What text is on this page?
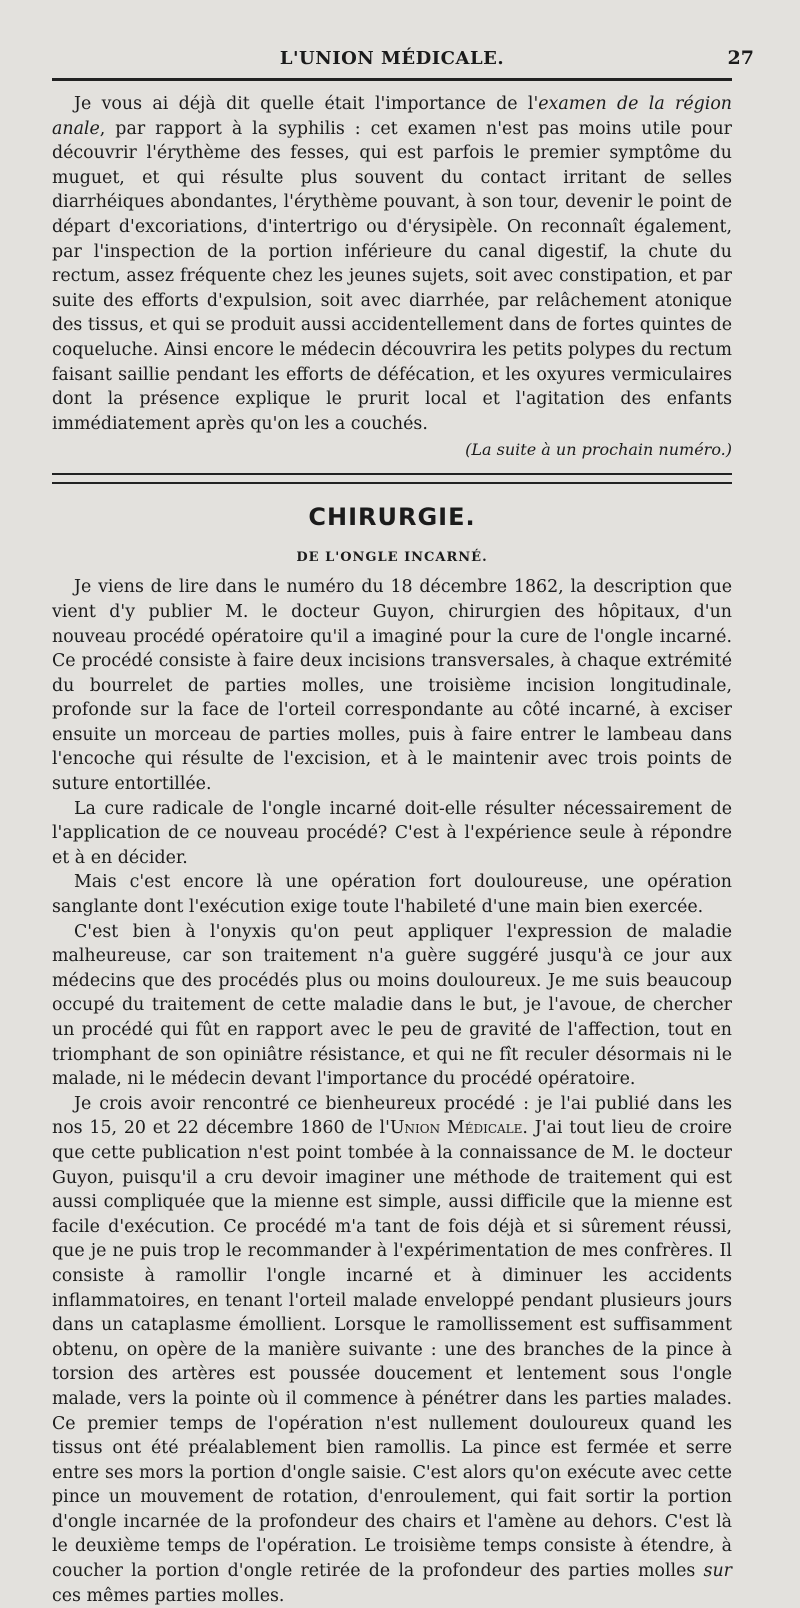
L'UNION MÉDICALE.	27

Je vous ai déjà dit quelle était l'importance de l'examen de la région anale, par rapport à la syphilis : cet examen n'est pas moins utile pour découvrir l'érythème des fesses, qui est parfois le premier symptôme du muguet, et qui résulte plus souvent du contact irritant de selles diarrhéiques abondantes, l'érythème pouvant, à son tour, devenir le point de départ d'excoriations, d'intertrigo ou d'érysipèle. On reconnaît également, par l'inspection de la portion inférieure du canal digestif, la chute du rectum, assez fréquente chez les jeunes sujets, soit avec constipation, et par suite des efforts d'expulsion, soit avec diarrhée, par relâchement atonique des tissus, et qui se produit aussi accidentellement dans de fortes quintes de coqueluche. Ainsi encore le médecin découvrira les petits polypes du rectum faisant saillie pendant les efforts de défécation, et les oxyures vermiculaires dont la présence explique le prurit local et l'agitation des enfants immédiatement après qu'on les a couchés.

(La suite à un prochain numéro.)
CHIRURGIE.
DE L'ONGLE INCARNÉ.

Je viens de lire dans le numéro du 18 décembre 1862, la description que vient d'y publier M. le docteur Guyon, chirurgien des hôpitaux, d'un nouveau procédé opératoire qu'il a imaginé pour la cure de l'ongle incarné. Ce procédé consiste à faire deux incisions transversales, à chaque extrémité du bourrelet de parties molles, une troisième incision longitudinale, profonde sur la face de l'orteil correspondante au côté incarné, à exciser ensuite un morceau de parties molles, puis à faire entrer le lambeau dans l'encoche qui résulte de l'excision, et à le maintenir avec trois points de suture entortillée.

La cure radicale de l'ongle incarné doit-elle résulter nécessairement de l'application de ce nouveau procédé? C'est à l'expérience seule à répondre et à en décider.

Mais c'est encore là une opération fort douloureuse, une opération sanglante dont l'exécution exige toute l'habileté d'une main bien exercée.

C'est bien à l'onyxis qu'on peut appliquer l'expression de maladie malheureuse, car son traitement n'a guère suggéré jusqu'à ce jour aux médecins que des procédés plus ou moins douloureux. Je me suis beaucoup occupé du traitement de cette maladie dans le but, je l'avoue, de chercher un procédé qui fût en rapport avec le peu de gravité de l'affection, tout en triomphant de son opiniâtre résistance, et qui ne fît reculer désormais ni le malade, ni le médecin devant l'importance du procédé opératoire.

Je crois avoir rencontré ce bienheureux procédé : je l'ai publié dans les nos 15, 20 et 22 décembre 1860 de l'Union Médicale. J'ai tout lieu de croire que cette publication n'est point tombée à la connaissance de M. le docteur Guyon, puisqu'il a cru devoir imaginer une méthode de traitement qui est aussi compliquée que la mienne est simple, aussi difficile que la mienne est facile d'exécution. Ce procédé m'a tant de fois déjà et si sûrement réussi, que je ne puis trop le recommander à l'expérimentation de mes confrères. Il consiste à ramollir l'ongle incarné et à diminuer les accidents inflammatoires, en tenant l'orteil malade enveloppé pendant plusieurs jours dans un cataplasme émollient. Lorsque le ramollissement est suffisamment obtenu, on opère de la manière suivante : une des branches de la pince à torsion des artères est poussée doucement et lentement sous l'ongle malade, vers la pointe où il commence à pénétrer dans les parties malades. Ce premier temps de l'opération n'est nullement douloureux quand les tissus ont été préalablement bien ramollis. La pince est fermée et serre entre ses mors la portion d'ongle saisie. C'est alors qu'on exécute avec cette pince un mouvement de rotation, d'enroulement, qui fait sortir la portion d'ongle incarnée de la profondeur des chairs et l'amène au dehors. C'est là le deuxième temps de l'opération. Le troisième temps consiste à étendre, à coucher la portion d'ongle retirée de la profondeur des parties molles sur ces mêmes parties molles.
